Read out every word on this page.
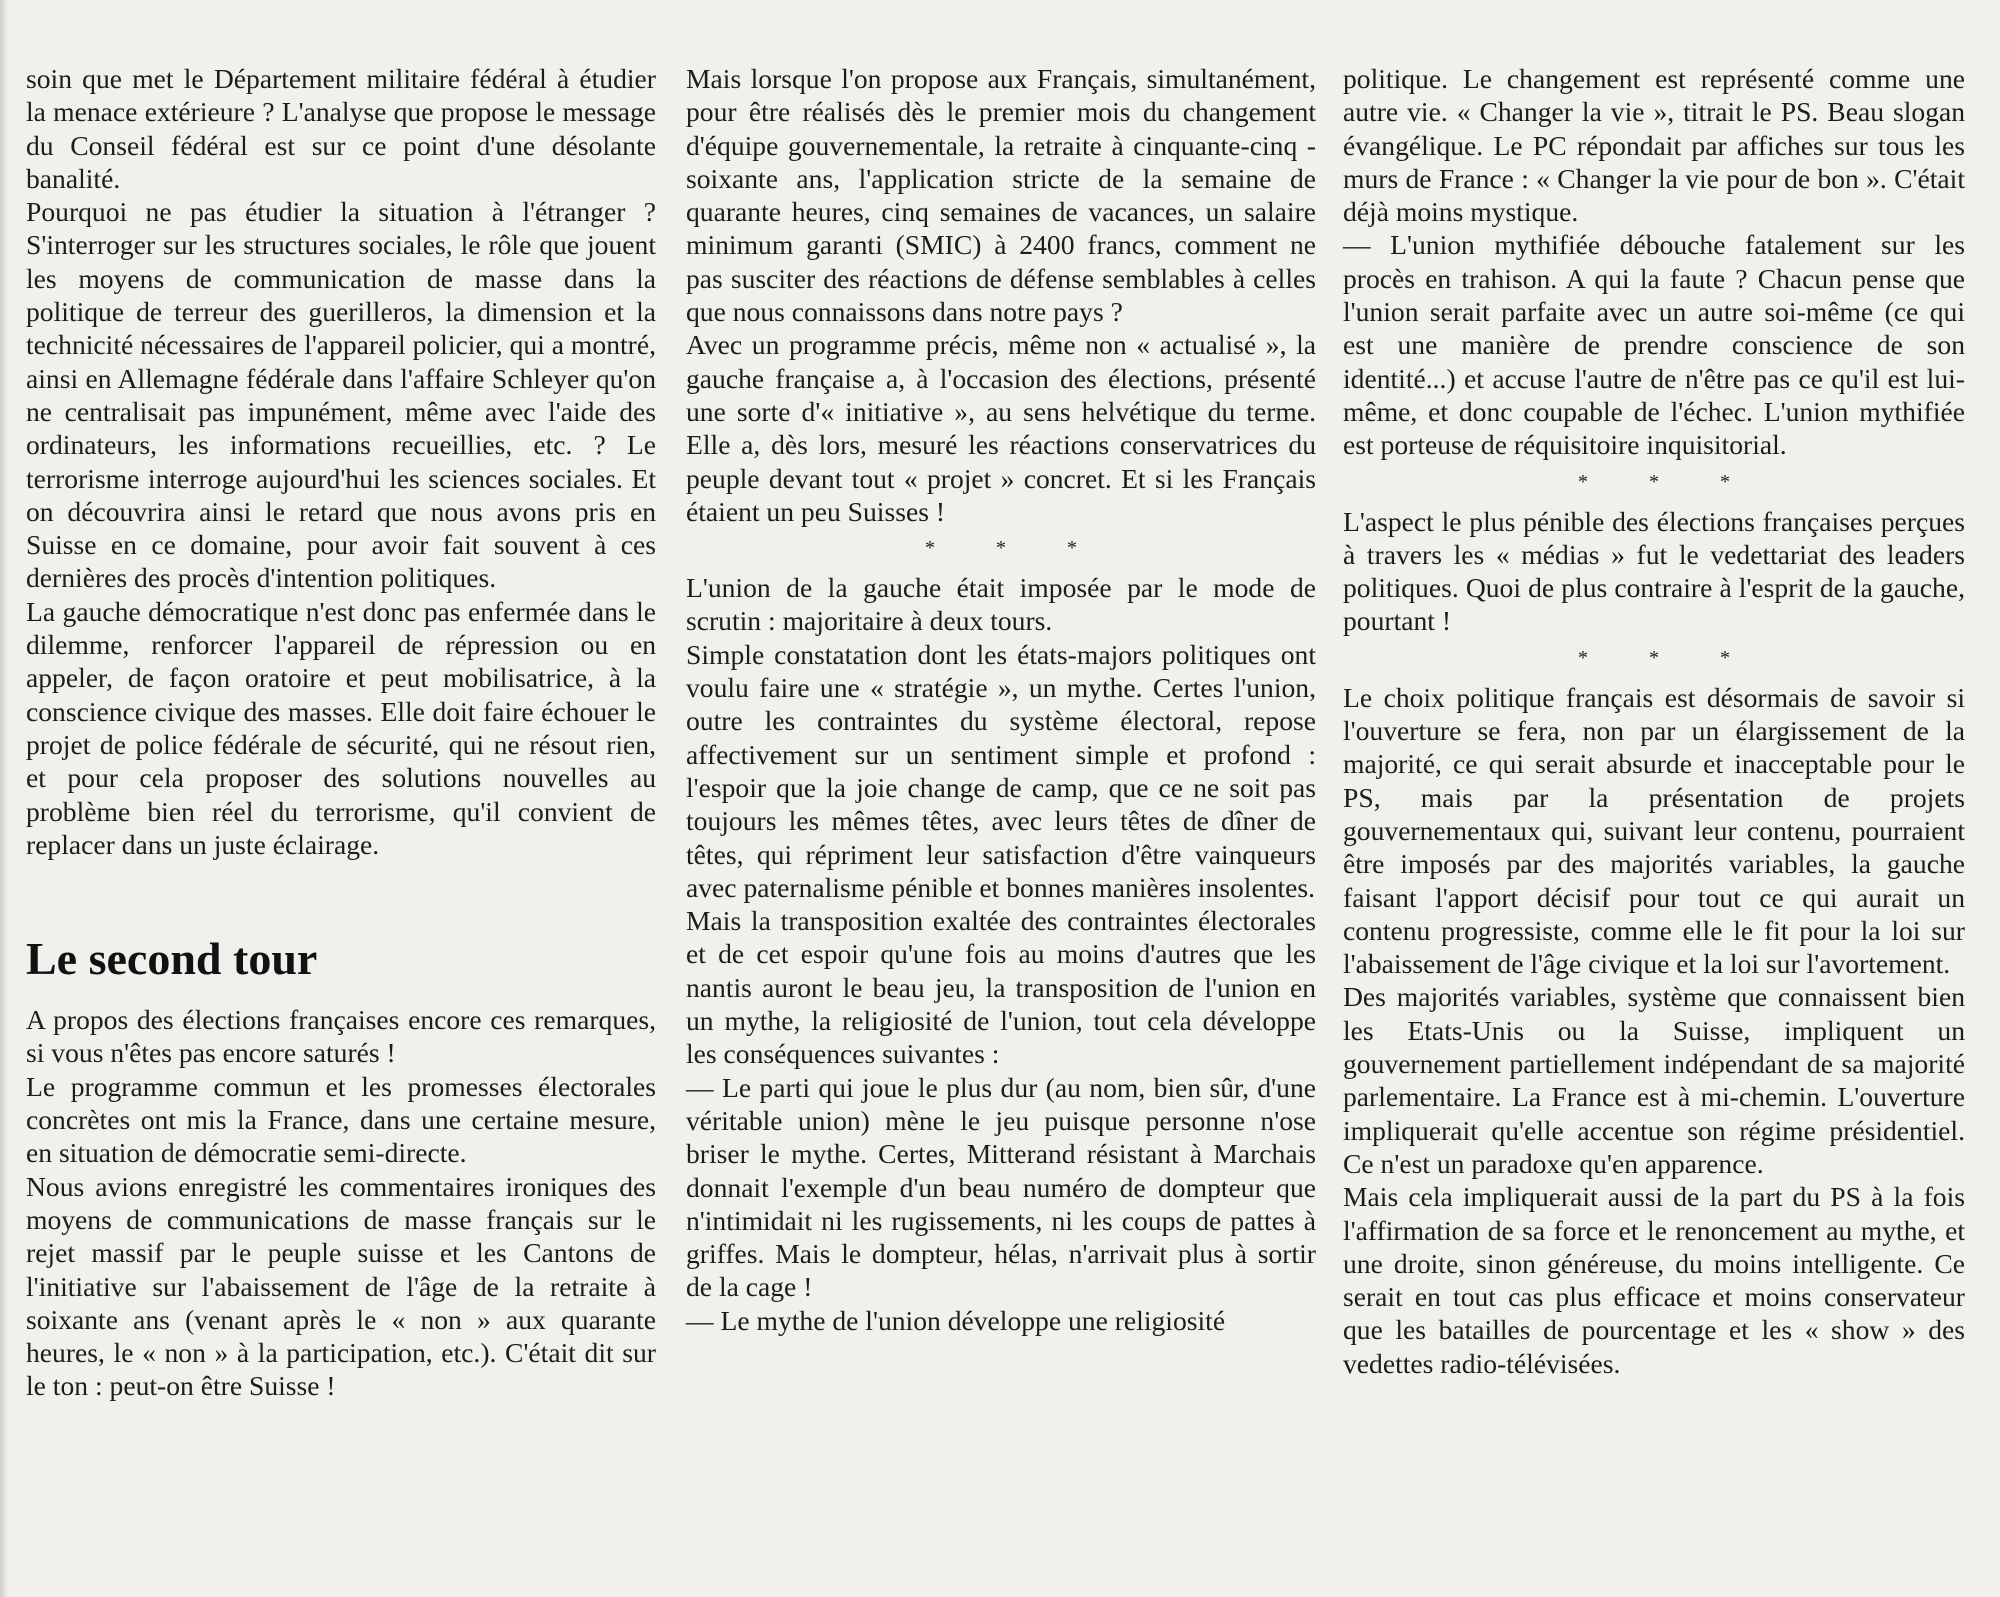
soin que met le Département militaire fédéral à étudier la menace extérieure ? L'analyse que propose le message du Conseil fédéral est sur ce point d'une désolante banalité.

Pourquoi ne pas étudier la situation à l'étranger ? S'interroger sur les structures sociales, le rôle que jouent les moyens de communication de masse dans la politique de terreur des guerilleros, la dimension et la technicité nécessaires de l'appareil policier, qui a montré, ainsi en Allemagne fédérale dans l'affaire Schleyer qu'on ne centralisait pas impunément, même avec l'aide des ordinateurs, les informations recueillies, etc. ? Le terrorisme interroge aujourd'hui les sciences sociales. Et on découvrira ainsi le retard que nous avons pris en Suisse en ce domaine, pour avoir fait souvent à ces dernières des procès d'intention politiques.

La gauche démocratique n'est donc pas enfermée dans le dilemme, renforcer l'appareil de répression ou en appeler, de façon oratoire et peut mobilisatrice, à la conscience civique des masses. Elle doit faire échouer le projet de police fédérale de sécurité, qui ne résout rien, et pour cela proposer des solutions nouvelles au problème bien réel du terrorisme, qu'il convient de replacer dans un juste éclairage.

Le second tour

A propos des élections françaises encore ces remarques, si vous n'êtes pas encore saturés !

Le programme commun et les promesses électorales concrètes ont mis la France, dans une certaine mesure, en situation de démocratie semi-directe.

Nous avions enregistré les commentaires ironiques des moyens de communications de masse français sur le rejet massif par le peuple suisse et les Cantons de l'initiative sur l'abaissement de l'âge de la retraite à soixante ans (venant après le « non » aux quarante heures, le « non » à la participation, etc.). C'était dit sur le ton : peut-on être Suisse !

Mais lorsque l'on propose aux Français, simultanément, pour être réalisés dès le premier mois du changement d'équipe gouvernementale, la retraite à cinquante-cinq - soixante ans, l'application stricte de la semaine de quarante heures, cinq semaines de vacances, un salaire minimum garanti (SMIC) à 2400 francs, comment ne pas susciter des réactions de défense semblables à celles que nous connaissons dans notre pays ?

Avec un programme précis, même non « actualisé », la gauche française a, à l'occasion des élections, présenté une sorte d'« initiative », au sens helvétique du terme. Elle a, dès lors, mesuré les réactions conservatrices du peuple devant tout « projet » concret. Et si les Français étaient un peu Suisses !

* * *

L'union de la gauche était imposée par le mode de scrutin : majoritaire à deux tours.

Simple constatation dont les états-majors politiques ont voulu faire une « stratégie », un mythe. Certes l'union, outre les contraintes du système électoral, repose affectivement sur un sentiment simple et profond : l'espoir que la joie change de camp, que ce ne soit pas toujours les mêmes têtes, avec leurs têtes de dîner de têtes, qui répriment leur satisfaction d'être vainqueurs avec paternalisme pénible et bonnes manières insolentes.

Mais la transposition exaltée des contraintes électorales et de cet espoir qu'une fois au moins d'autres que les nantis auront le beau jeu, la transposition de l'union en un mythe, la religiosité de l'union, tout cela développe les conséquences suivantes :

— Le parti qui joue le plus dur (au nom, bien sûr, d'une véritable union) mène le jeu puisque personne n'ose briser le mythe. Certes, Mitterand résistant à Marchais donnait l'exemple d'un beau numéro de dompteur que n'intimidait ni les rugissements, ni les coups de pattes à griffes. Mais le dompteur, hélas, n'arrivait plus à sortir de la cage !

— Le mythe de l'union développe une religiosité

politique. Le changement est représenté comme une autre vie. « Changer la vie », titrait le PS. Beau slogan évangélique. Le PC répondait par affiches sur tous les murs de France : « Changer la vie pour de bon ». C'était déjà moins mystique.

— L'union mythifiée débouche fatalement sur les procès en trahison. A qui la faute ? Chacun pense que l'union serait parfaite avec un autre soi-même (ce qui est une manière de prendre conscience de son identité...) et accuse l'autre de n'être pas ce qu'il est lui-même, et donc coupable de l'échec. L'union mythifiée est porteuse de réquisitoire inquisitorial.

* * *

L'aspect le plus pénible des élections françaises perçues à travers les « médias » fut le vedettariat des leaders politiques. Quoi de plus contraire à l'esprit de la gauche, pourtant !

* * *

Le choix politique français est désormais de savoir si l'ouverture se fera, non par un élargissement de la majorité, ce qui serait absurde et inacceptable pour le PS, mais par la présentation de projets gouvernementaux qui, suivant leur contenu, pourraient être imposés par des majorités variables, la gauche faisant l'apport décisif pour tout ce qui aurait un contenu progressiste, comme elle le fit pour la loi sur l'abaissement de l'âge civique et la loi sur l'avortement.

Des majorités variables, système que connaissent bien les Etats-Unis ou la Suisse, impliquent un gouvernement partiellement indépendant de sa majorité parlementaire. La France est à mi-chemin. L'ouverture impliquerait qu'elle accentue son régime présidentiel. Ce n'est un paradoxe qu'en apparence.

Mais cela impliquerait aussi de la part du PS à la fois l'affirmation de sa force et le renoncement au mythe, et une droite, sinon généreuse, du moins intelligente. Ce serait en tout cas plus efficace et moins conservateur que les batailles de pourcentage et les « show » des vedettes radio-télévisées.
